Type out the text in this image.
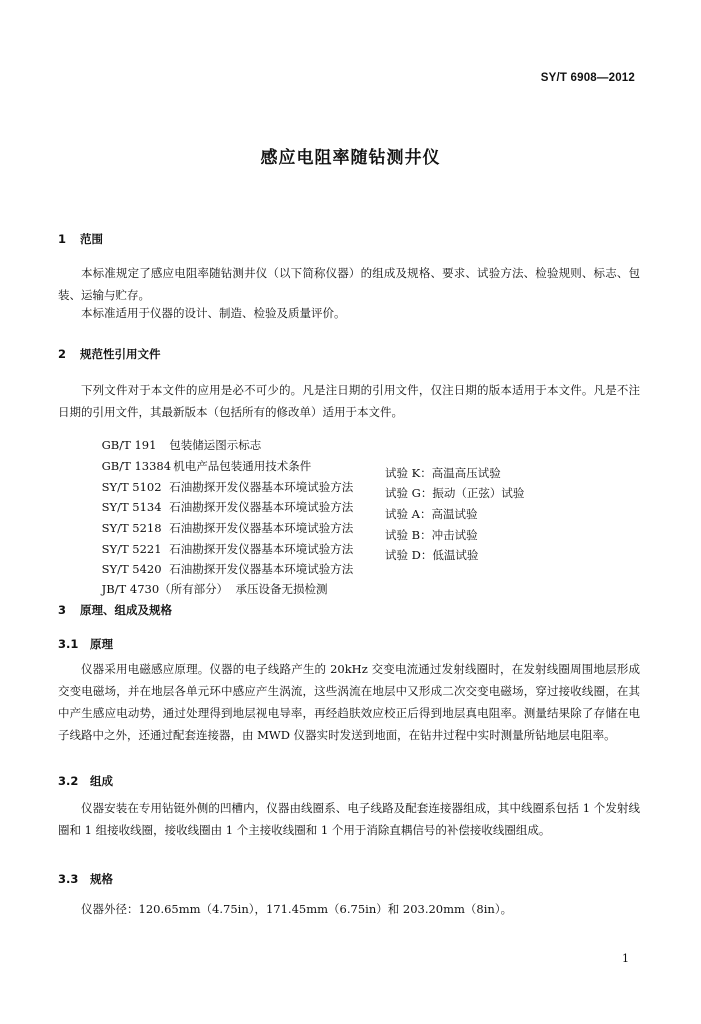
SY/T 6908—2012
感应电阻率随钻测井仪
1 范围
本标准规定了感应电阻率随钻测井仪（以下简称仪器）的组成及规格、要求、试验方法、检验规则、标志、包装、运输与贮存。
本标准适用于仪器的设计、制造、检验及质量评价。
2 规范性引用文件
下列文件对于本文件的应用是必不可少的。凡是注日期的引用文件，仅注日期的版本适用于本文件。凡是不注日期的引用文件，其最新版本（包括所有的修改单）适用于本文件。

GB/T 191 包装储运图示标志

GB/T 13384 机电产品包装通用技术条件

SY/T 5102 石油勘探开发仪器基本环境试验方法
试验 K：高温高压试验

SY/T 5134 石油勘探开发仪器基本环境试验方法
试验 G：振动（正弦）试验

SY/T 5218 石油勘探开发仪器基本环境试验方法
试验 A：高温试验

SY/T 5221 石油勘探开发仪器基本环境试验方法
试验 B：冲击试验

SY/T 5420 石油勘探开发仪器基本环境试验方法
试验 D：低温试验

JB/T 4730（所有部分） 承压设备无损检测

3 原理、组成及规格
3.1 原理
仪器采用电磁感应原理。仪器的电子线路产生的 20kHz 交变电流通过发射线圈时，在发射线圈周围地层形成交变电磁场，并在地层各单元环中感应产生涡流，这些涡流在地层中又形成二次交变电磁场，穿过接收线圈，在其中产生感应电动势，通过处理得到地层视电导率，再经趋肤效应校正后得到地层真电阻率。测量结果除了存储在电子线路中之外，还通过配套连接器，由 MWD 仪器实时发送到地面，在钻井过程中实时测量所钻地层电阻率。
3.2 组成
仪器安装在专用钻铤外侧的凹槽内，仪器由线圈系、电子线路及配套连接器组成，其中线圈系包括 1 个发射线圈和 1 组接收线圈，接收线圈由 1 个主接收线圈和 1 个用于消除直耦信号的补偿接收线圈组成。
3.3 规格
仪器外径：120.65mm（4.75in），171.45mm（6.75in）和 203.20mm（8in）。
1
